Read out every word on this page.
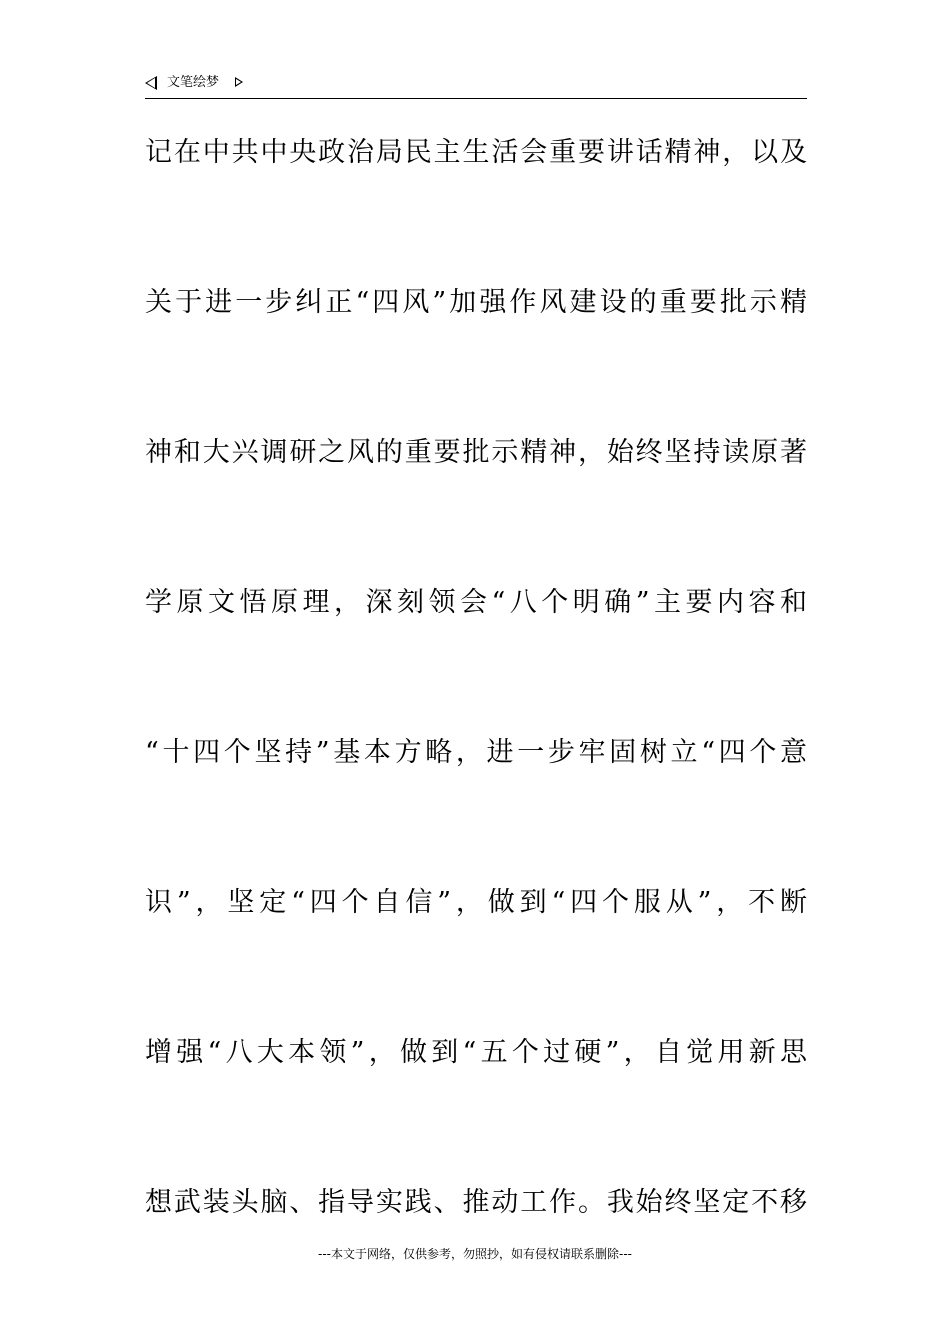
文笔绘梦
记在中共中央政治局民主生活会重要讲话精神，以及
关于进一步纠正“四风”加强作风建设的重要批示精
神和大兴调研之风的重要批示精神，始终坚持读原著
学原文悟原理，深刻领会“八个明确”主要内容和
“十四个坚持”基本方略，进一步牢固树立“四个意
识”，坚定“四个自信”，做到“四个服从”，不断
增强“八大本领”，做到“五个过硬”，自觉用新思
想武装头脑、指导实践、推动工作。我始终坚定不移
---本文于网络，仅供参考，勿照抄，如有侵权请联系删除---
